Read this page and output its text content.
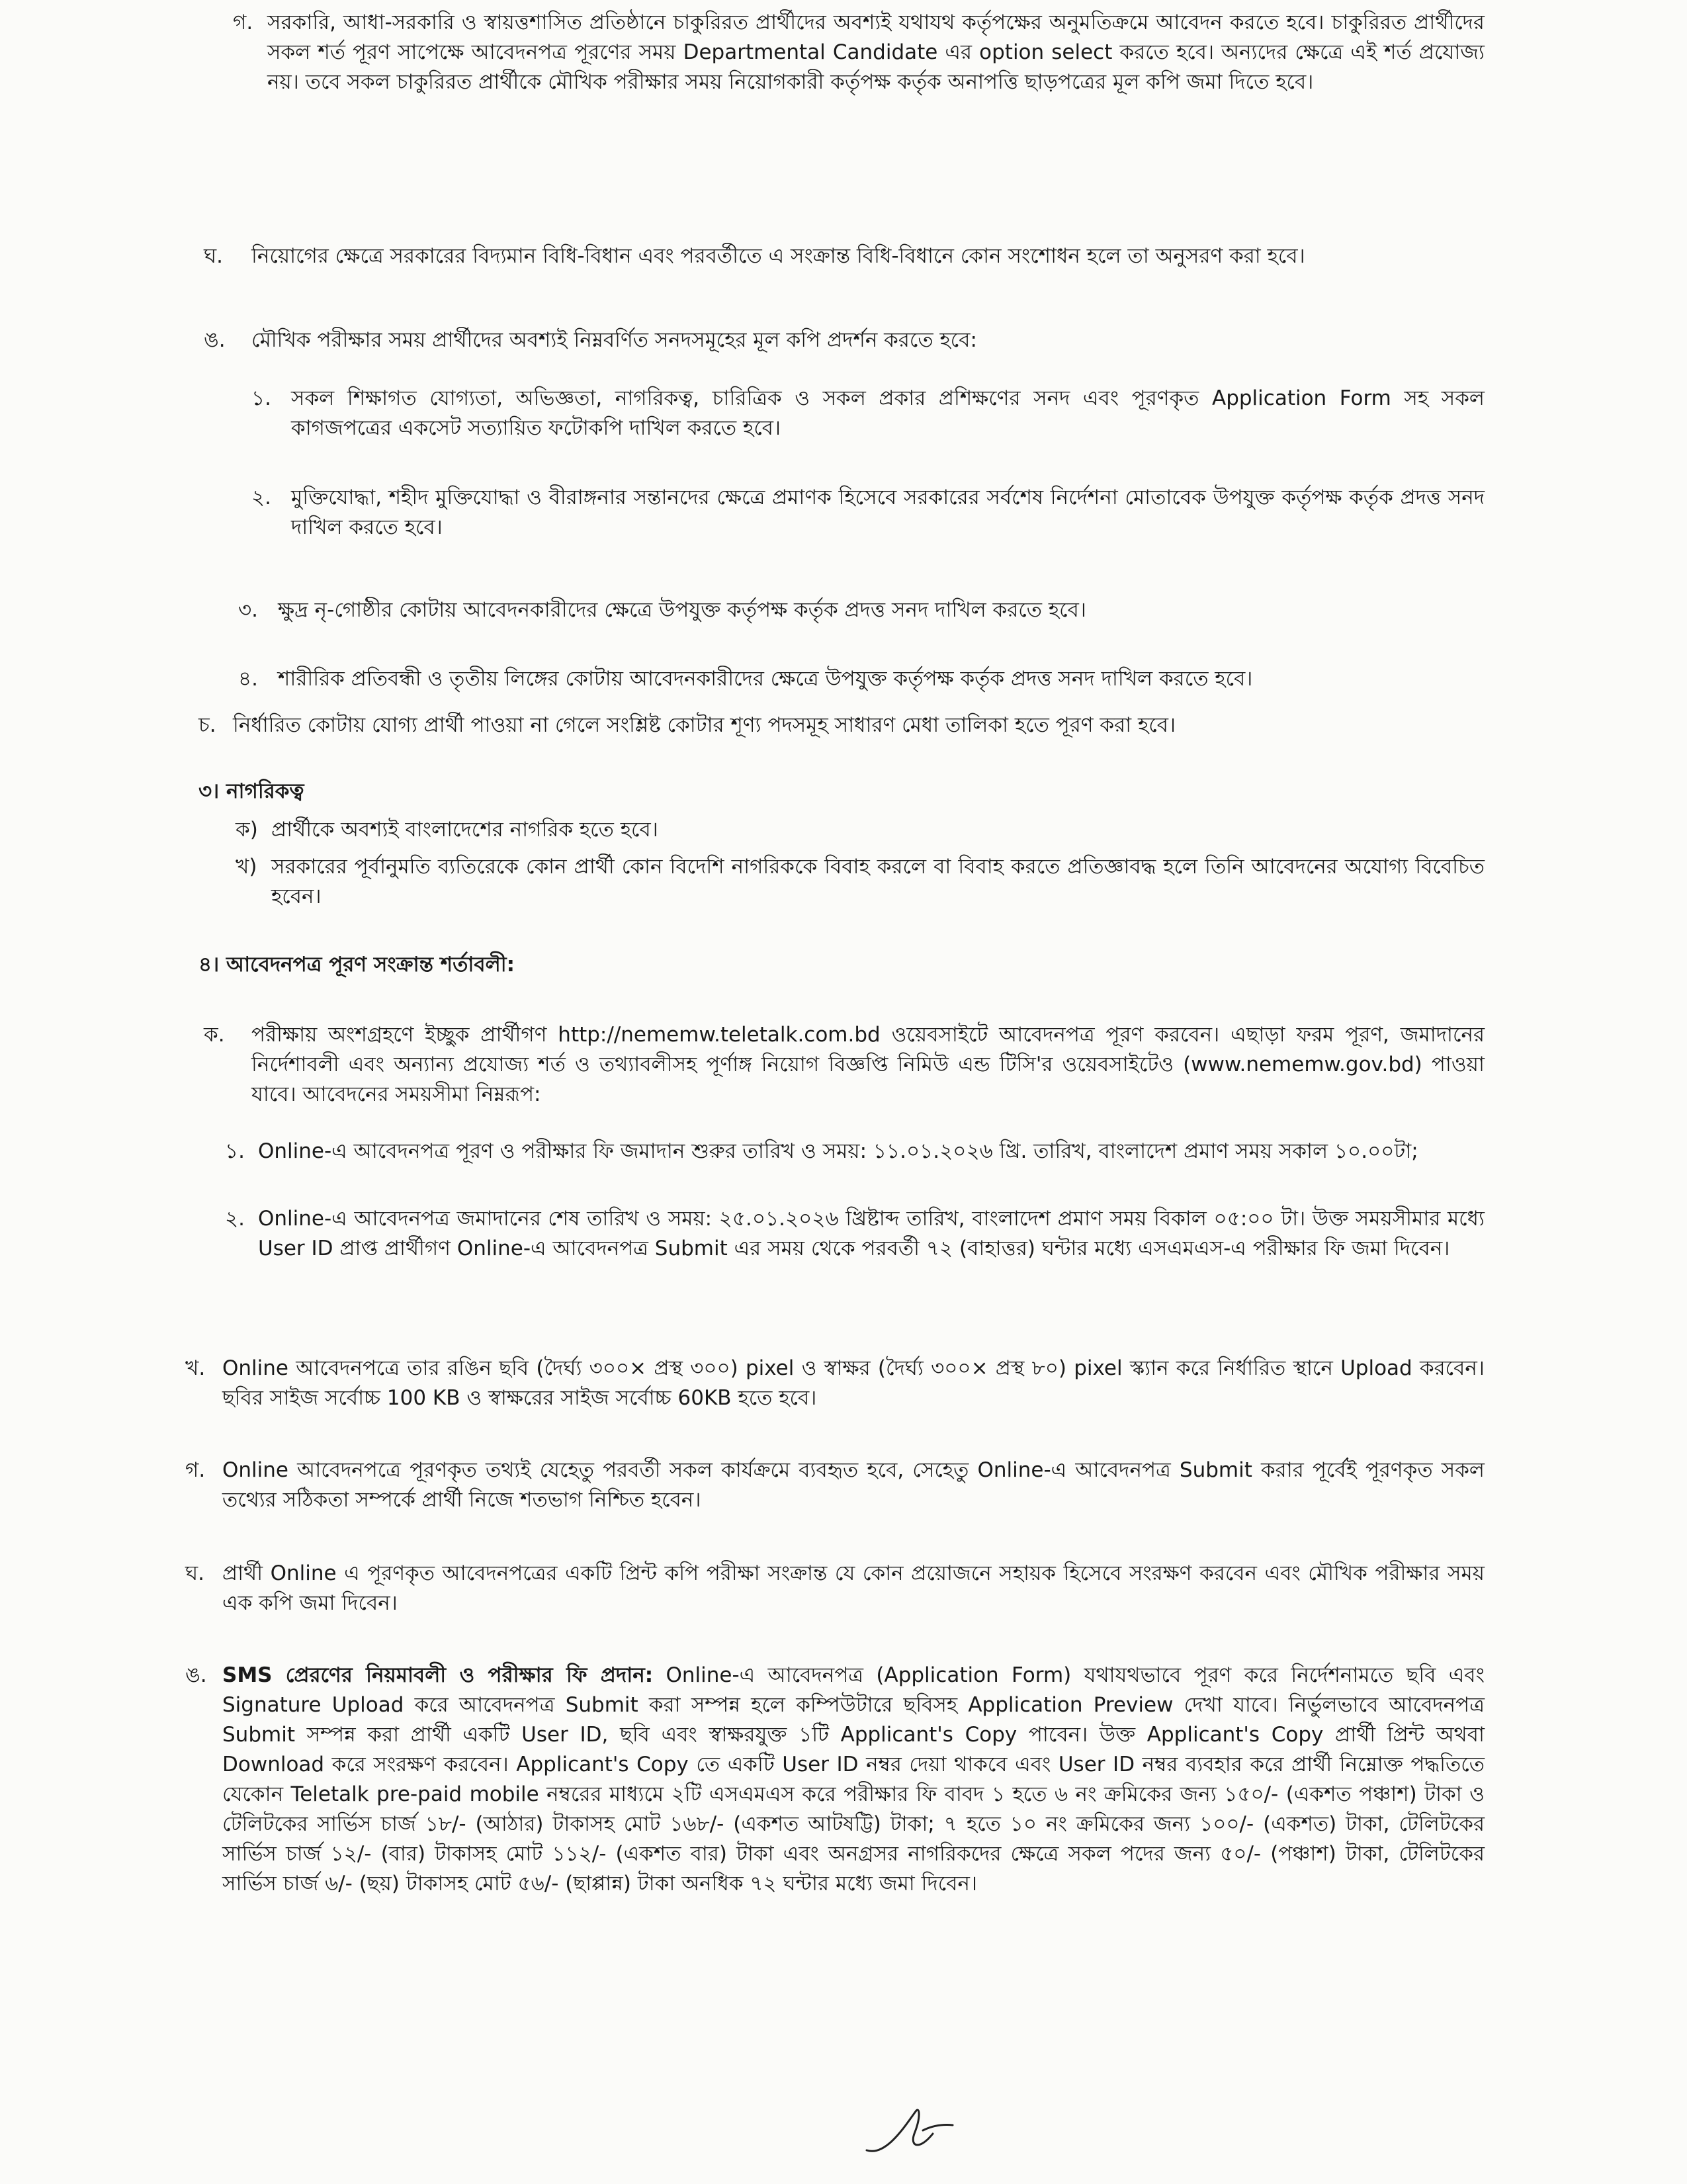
গ. সরকারি, আধা-সরকারি ও স্বায়ত্তশাসিত প্রতিষ্ঠানে চাকুরিরত প্রার্থীদের অবশ্যই যথাযথ কর্তৃপক্ষের অনুমতিক্রমে আবেদন করতে হবে। চাকুরিরত প্রার্থীদের সকল শর্ত পূরণ সাপেক্ষে আবেদনপত্র পূরণের সময় Departmental Candidate এর option select করতে হবে। অন্যদের ক্ষেত্রে এই শর্ত প্রযোজ্য নয়। তবে সকল চাকুরিরত প্রার্থীকে মৌখিক পরীক্ষার সময় নিয়োগকারী কর্তৃপক্ষ কর্তৃক অনাপত্তি ছাড়পত্রের মূল কপি জমা দিতে হবে।

ঘ. নিয়োগের ক্ষেত্রে সরকারের বিদ্যমান বিধি-বিধান এবং পরবর্তীতে এ সংক্রান্ত বিধি-বিধানে কোন সংশোধন হলে তা অনুসরণ করা হবে।

ঙ. মৌখিক পরীক্ষার সময় প্রার্থীদের অবশ্যই নিম্নবর্ণিত সনদসমূহের মূল কপি প্রদর্শন করতে হবে:

১. সকল শিক্ষাগত যোগ্যতা, অভিজ্ঞতা, নাগরিকত্ব, চারিত্রিক ও সকল প্রকার প্রশিক্ষণের সনদ এবং পূরণকৃত Application Form সহ সকল কাগজপত্রের একসেট সত্যায়িত ফটোকপি দাখিল করতে হবে।

২. মুক্তিযোদ্ধা, শহীদ মুক্তিযোদ্ধা ও বীরাঙ্গনার সন্তানদের ক্ষেত্রে প্রমাণক হিসেবে সরকারের সর্বশেষ নির্দেশনা মোতাবেক উপযুক্ত কর্তৃপক্ষ কর্তৃক প্রদত্ত সনদ দাখিল করতে হবে।

৩. ক্ষুদ্র নৃ-গোষ্ঠীর কোটায় আবেদনকারীদের ক্ষেত্রে উপযুক্ত কর্তৃপক্ষ কর্তৃক প্রদত্ত সনদ দাখিল করতে হবে।

৪. শারীরিক প্রতিবন্ধী ও তৃতীয় লিঙ্গের কোটায় আবেদনকারীদের ক্ষেত্রে উপযুক্ত কর্তৃপক্ষ কর্তৃক প্রদত্ত সনদ দাখিল করতে হবে।

চ. নির্ধারিত কোটায় যোগ্য প্রার্থী পাওয়া না গেলে সংশ্লিষ্ট কোটার শূণ্য পদসমূহ সাধারণ মেধা তালিকা হতে পূরণ করা হবে।

৩। নাগরিকত্ব

ক) প্রার্থীকে অবশ্যই বাংলাদেশের নাগরিক হতে হবে।

খ) সরকারের পূর্বানুমতি ব্যতিরেকে কোন প্রার্থী কোন বিদেশি নাগরিককে বিবাহ করলে বা বিবাহ করতে প্রতিজ্ঞাবদ্ধ হলে তিনি আবেদনের অযোগ্য বিবেচিত হবেন।

৪। আবেদনপত্র পূরণ সংক্রান্ত শর্তাবলী:

ক. পরীক্ষায় অংশগ্রহণে ইচ্ছুক প্রার্থীগণ http://nememw.teletalk.com.bd ওয়েবসাইটে আবেদনপত্র পূরণ করবেন। এছাড়া ফরম পূরণ, জমাদানের নির্দেশাবলী এবং অন্যান্য প্রযোজ্য শর্ত ও তথ্যাবলীসহ পূর্ণাঙ্গ নিয়োগ বিজ্ঞপ্তি নিমিউ এন্ড টিসি'র ওয়েবসাইটেও (www.nememw.gov.bd) পাওয়া যাবে। আবেদনের সময়সীমা নিম্নরূপ:

১. Online-এ আবেদনপত্র পূরণ ও পরীক্ষার ফি জমাদান শুরুর তারিখ ও সময়: ১১.০১.২০২৬ খ্রি. তারিখ, বাংলাদেশ প্রমাণ সময় সকাল ১০.০০টা;

২. Online-এ আবেদনপত্র জমাদানের শেষ তারিখ ও সময়: ২৫.০১.২০২৬ খ্রিষ্টাব্দ তারিখ, বাংলাদেশ প্রমাণ সময় বিকাল ০৫:০০ টা। উক্ত সময়সীমার মধ্যে User ID প্রাপ্ত প্রার্থীগণ Online-এ আবেদনপত্র Submit এর সময় থেকে পরবর্তী ৭২ (বাহাত্তর) ঘন্টার মধ্যে এসএমএস-এ পরীক্ষার ফি জমা দিবেন।

খ. Online আবেদনপত্রে তার রঙিন ছবি (দৈর্ঘ্য ৩০০× প্রস্থ ৩০০) pixel ও স্বাক্ষর (দৈর্ঘ্য ৩০০× প্রস্থ ৮০) pixel স্ক্যান করে নির্ধারিত স্থানে Upload করবেন। ছবির সাইজ সর্বোচ্চ 100 KB ও স্বাক্ষরের সাইজ সর্বোচ্চ 60KB হতে হবে।

গ. Online আবেদনপত্রে পূরণকৃত তথ্যই যেহেতু পরবর্তী সকল কার্যক্রমে ব্যবহৃত হবে, সেহেতু Online-এ আবেদনপত্র Submit করার পূর্বেই পূরণকৃত সকল তথ্যের সঠিকতা সম্পর্কে প্রার্থী নিজে শতভাগ নিশ্চিত হবেন।

ঘ. প্রার্থী Online এ পূরণকৃত আবেদনপত্রের একটি প্রিন্ট কপি পরীক্ষা সংক্রান্ত যে কোন প্রয়োজনে সহায়ক হিসেবে সংরক্ষণ করবেন এবং মৌখিক পরীক্ষার সময় এক কপি জমা দিবেন।

ঙ. SMS প্রেরণের নিয়মাবলী ও পরীক্ষার ফি প্রদান: Online-এ আবেদনপত্র (Application Form) যথাযথভাবে পূরণ করে নির্দেশনামতে ছবি এবং Signature Upload করে আবেদনপত্র Submit করা সম্পন্ন হলে কম্পিউটারে ছবিসহ Application Preview দেখা যাবে। নির্ভুলভাবে আবেদনপত্র Submit সম্পন্ন করা প্রার্থী একটি User ID, ছবি এবং স্বাক্ষরযুক্ত ১টি Applicant's Copy পাবেন। উক্ত Applicant's Copy প্রার্থী প্রিন্ট অথবা Download করে সংরক্ষণ করবেন। Applicant's Copy তে একটি User ID নম্বর দেয়া থাকবে এবং User ID নম্বর ব্যবহার করে প্রার্থী নিম্নোক্ত পদ্ধতিতে যেকোন Teletalk pre-paid mobile নম্বরের মাধ্যমে ২টি এসএমএস করে পরীক্ষার ফি বাবদ ১ হতে ৬ নং ক্রমিকের জন্য ১৫০/- (একশত পঞ্চাশ) টাকা ও টেলিটকের সার্ভিস চার্জ ১৮/- (আঠার) টাকাসহ মোট ১৬৮/- (একশত আটষট্টি) টাকা; ৭ হতে ১০ নং ক্রমিকের জন্য ১০০/- (একশত) টাকা, টেলিটকের সার্ভিস চার্জ ১২/- (বার) টাকাসহ মোট ১১২/- (একশত বার) টাকা এবং অনগ্রসর নাগরিকদের ক্ষেত্রে সকল পদের জন্য ৫০/- (পঞ্চাশ) টাকা, টেলিটকের সার্ভিস চার্জ ৬/- (ছয়) টাকাসহ মোট ৫৬/- (ছাপ্পান্ন) টাকা অনধিক ৭২ ঘন্টার মধ্যে জমা দিবেন।
